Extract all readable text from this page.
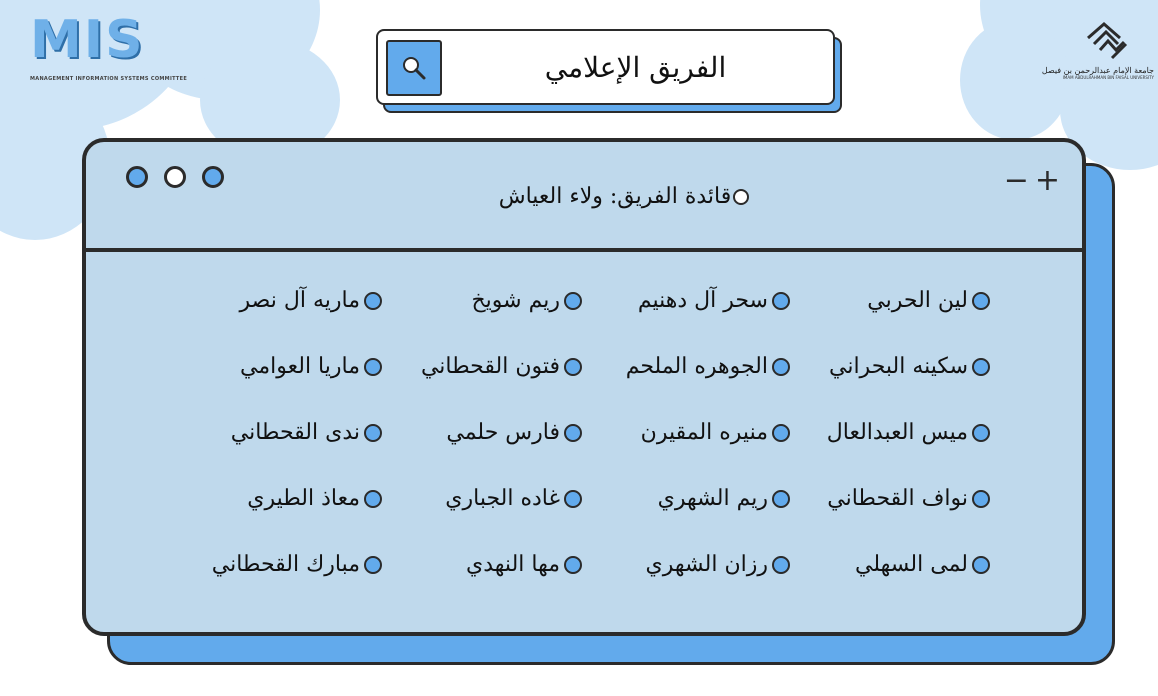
MIS
MANAGEMENT INFORMATION SYSTEMS COMMITTEE
جامعة الإمام عبدالرحمن بن فيصل
IMAM ABDULRAHMAN BIN FAISAL UNIVERSITY
الفريق الإعلامي
− +
قائدة الفريق: ولاء العياش
لين الحربي
سحر آل دهنيم
ريم شويخ
ماريه آل نصر
سكينه البحراني
الجوهره الملحم
فتون القحطاني
ماريا العوامي
ميس العبدالعال
منيره المقيرن
فارس حلمي
ندى القحطاني
نواف القحطاني
ريم الشهري
غاده الجباري
معاذ الطيري
لمى السهلي
رزان الشهري
مها النهدي
مبارك القحطاني
